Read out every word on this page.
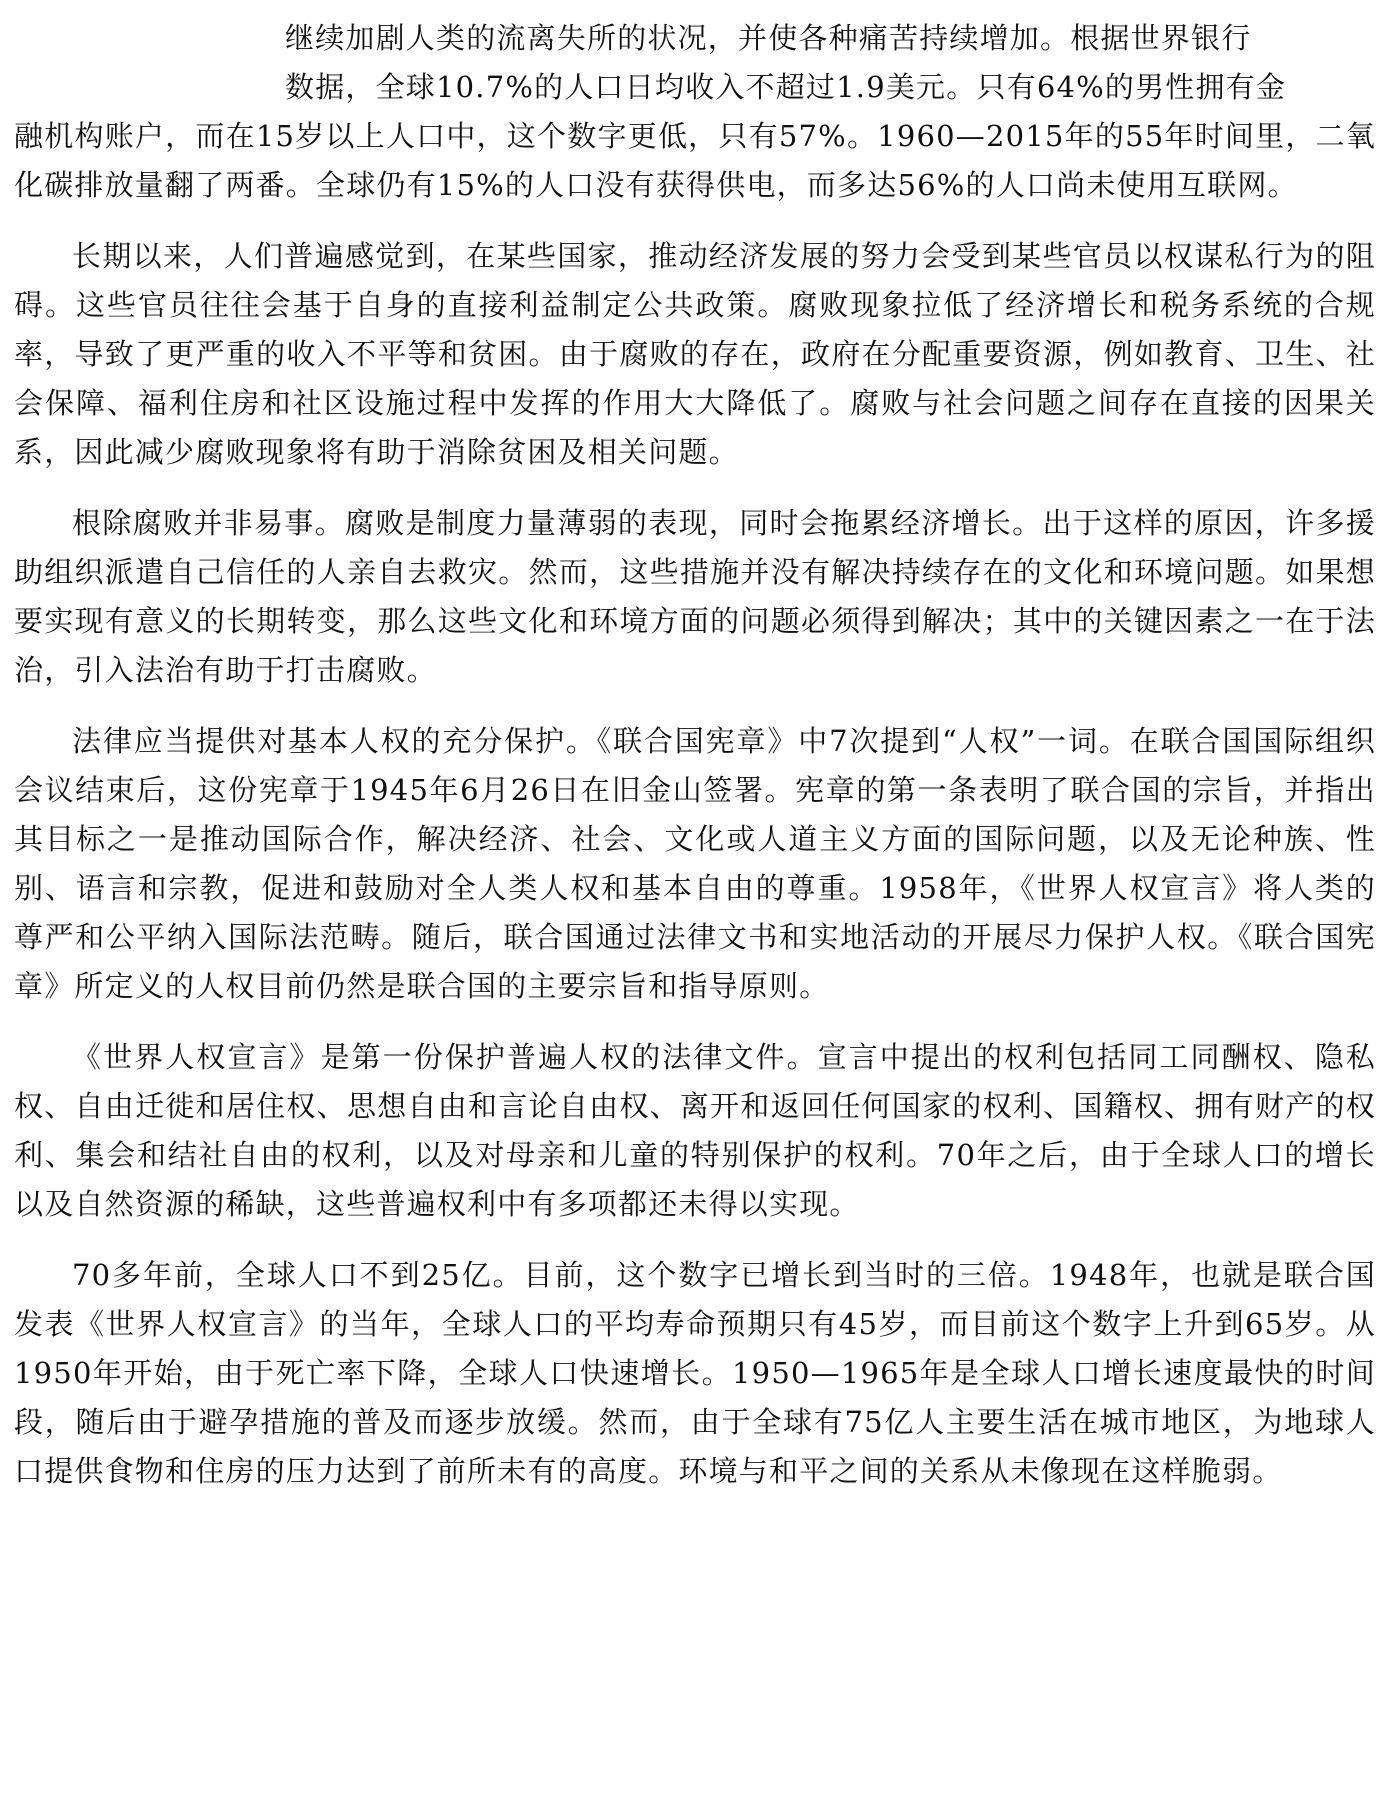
继续加剧人类的流离失所的状况，并使各种痛苦持续增加。根据世界银行
数据，全球10.7%的人口日均收入不超过1.9美元。只有64%的男性拥有金
融机构账户，而在15岁以上人口中，这个数字更低，只有57%。1960—2015年的55年时间里，二氧化碳排放量翻了两番。全球仍有15%的人口没有获得供电，而多达56%的人口尚未使用互联网。

长期以来，人们普遍感觉到，在某些国家，推动经济发展的努力会受到某些官员以权谋私行为的阻碍。这些官员往往会基于自身的直接利益制定公共政策。腐败现象拉低了经济增长和税务系统的合规率，导致了更严重的收入不平等和贫困。由于腐败的存在，政府在分配重要资源，例如教育、卫生、社会保障、福利住房和社区设施过程中发挥的作用大大降低了。腐败与社会问题之间存在直接的因果关系，因此减少腐败现象将有助于消除贫困及相关问题。

根除腐败并非易事。腐败是制度力量薄弱的表现，同时会拖累经济增长。出于这样的原因，许多援助组织派遣自己信任的人亲自去救灾。然而，这些措施并没有解决持续存在的文化和环境问题。如果想要实现有意义的长期转变，那么这些文化和环境方面的问题必须得到解决；其中的关键因素之一在于法治，引入法治有助于打击腐败。

法律应当提供对基本人权的充分保护。《联合国宪章》中7次提到“人权”一词。在联合国国际组织会议结束后，这份宪章于1945年6月26日在旧金山签署。宪章的第一条表明了联合国的宗旨，并指出其目标之一是推动国际合作，解决经济、社会、文化或人道主义方面的国际问题，以及无论种族、性别、语言和宗教，促进和鼓励对全人类人权和基本自由的尊重。1958年，《世界人权宣言》将人类的尊严和公平纳入国际法范畴。随后，联合国通过法律文书和实地活动的开展尽力保护人权。《联合国宪章》所定义的人权目前仍然是联合国的主要宗旨和指导原则。

《世界人权宣言》是第一份保护普遍人权的法律文件。宣言中提出的权利包括同工同酬权、隐私权、自由迁徙和居住权、思想自由和言论自由权、离开和返回任何国家的权利、国籍权、拥有财产的权利、集会和结社自由的权利，以及对母亲和儿童的特别保护的权利。70年之后，由于全球人口的增长以及自然资源的稀缺，这些普遍权利中有多项都还未得以实现。

70多年前，全球人口不到25亿。目前，这个数字已增长到当时的三倍。1948年，也就是联合国发表《世界人权宣言》的当年，全球人口的平均寿命预期只有45岁，而目前这个数字上升到65岁。从1950年开始，由于死亡率下降，全球人口快速增长。1950—1965年是全球人口增长速度最快的时间段，随后由于避孕措施的普及而逐步放缓。然而，由于全球有75亿人主要生活在城市地区，为地球人口提供食物和住房的压力达到了前所未有的高度。环境与和平之间的关系从未像现在这样脆弱。
